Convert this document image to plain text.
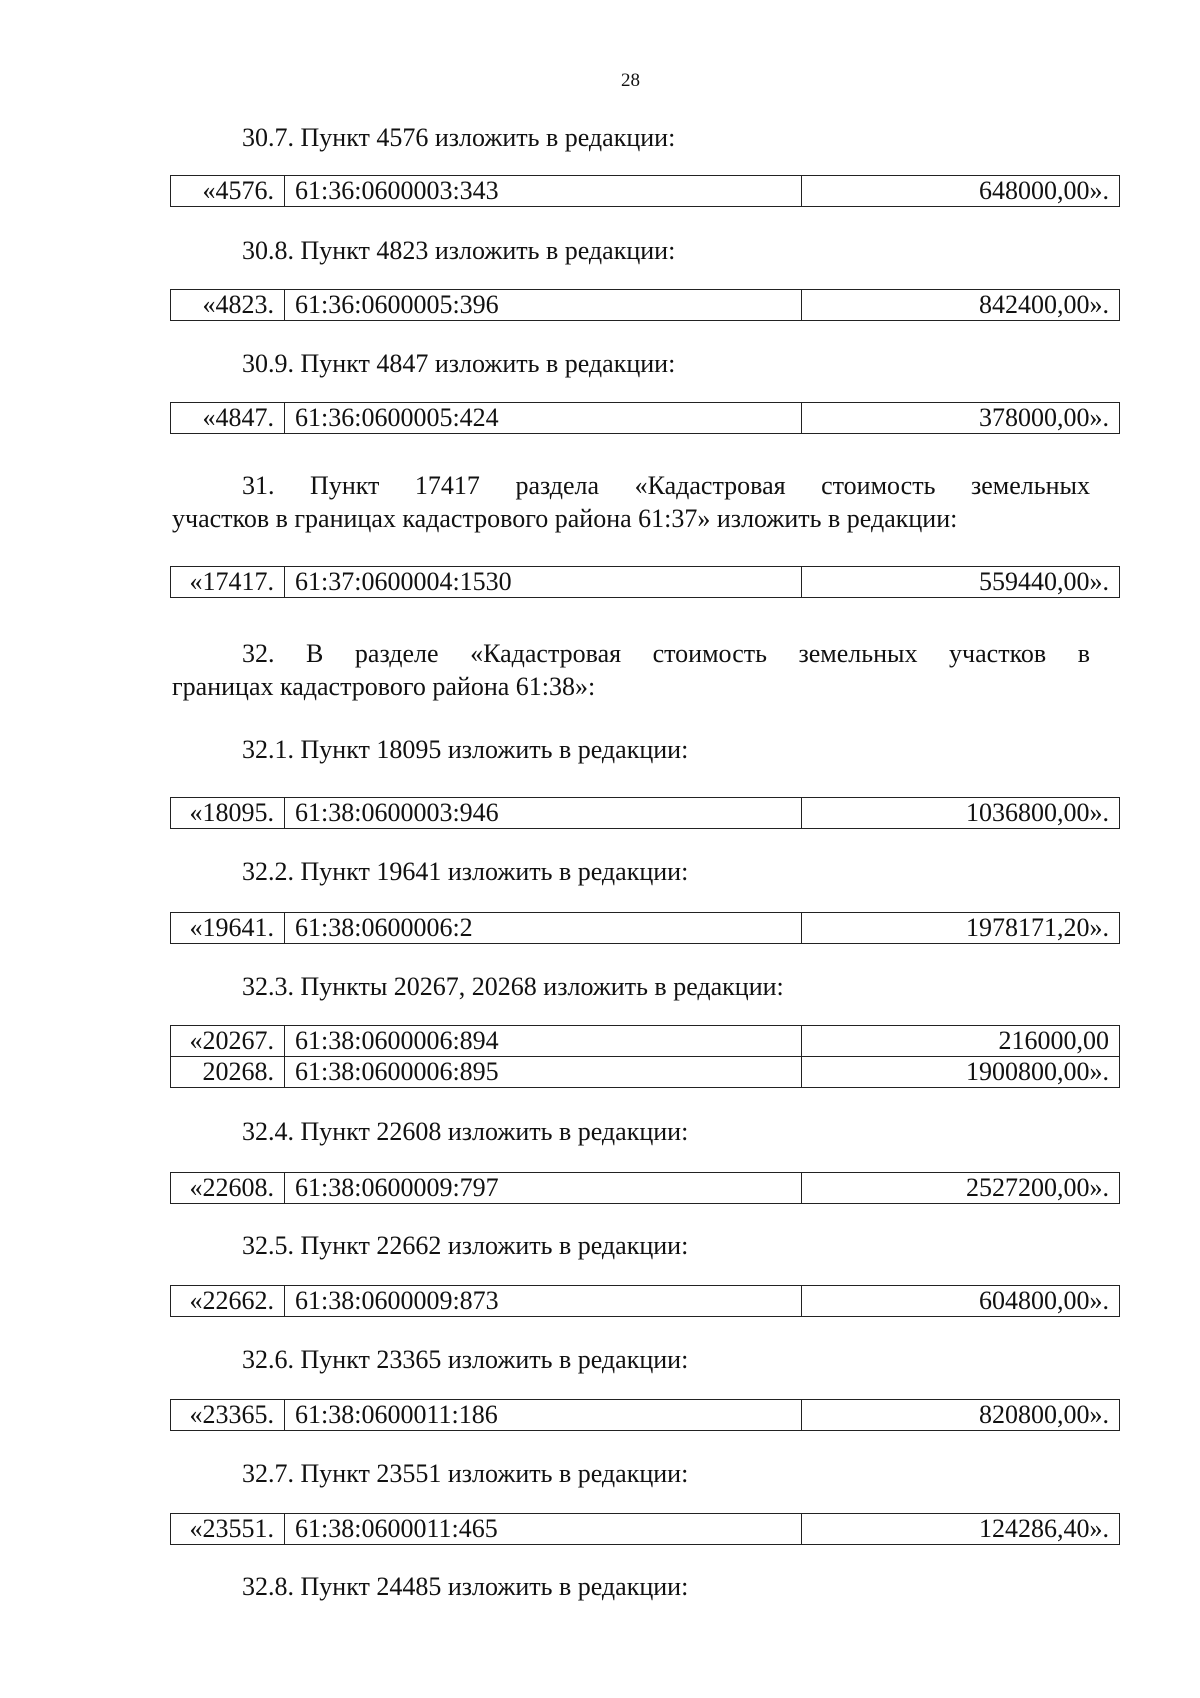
28
30.7. Пункт 4576 изложить в редакции:
«4576.	61:36:0600003:343	648000,00».
30.8. Пункт 4823 изложить в редакции:
«4823.	61:36:0600005:396	842400,00».
30.9. Пункт 4847 изложить в редакции:
«4847.	61:36:0600005:424	378000,00».
31. Пункт 17417 раздела «Кадастровая стоимость земельных
участков в границах кадастрового района 61:37» изложить в редакции:
«17417.	61:37:0600004:1530	559440,00».
32. В разделе «Кадастровая стоимость земельных участков в
границах кадастрового района 61:38»:
32.1. Пункт 18095 изложить в редакции:
«18095.	61:38:0600003:946	1036800,00».
32.2. Пункт 19641 изложить в редакции:
«19641.	61:38:0600006:2	1978171,20».
32.3. Пункты 20267, 20268 изложить в редакции:
«20267.	61:38:0600006:894	216000,00
20268.	61:38:0600006:895	1900800,00».
32.4. Пункт 22608 изложить в редакции:
«22608.	61:38:0600009:797	2527200,00».
32.5. Пункт 22662 изложить в редакции:
«22662.	61:38:0600009:873	604800,00».
32.6. Пункт 23365 изложить в редакции:
«23365.	61:38:0600011:186	820800,00».
32.7. Пункт 23551 изложить в редакции:
«23551.	61:38:0600011:465	124286,40».
32.8. Пункт 24485 изложить в редакции:
